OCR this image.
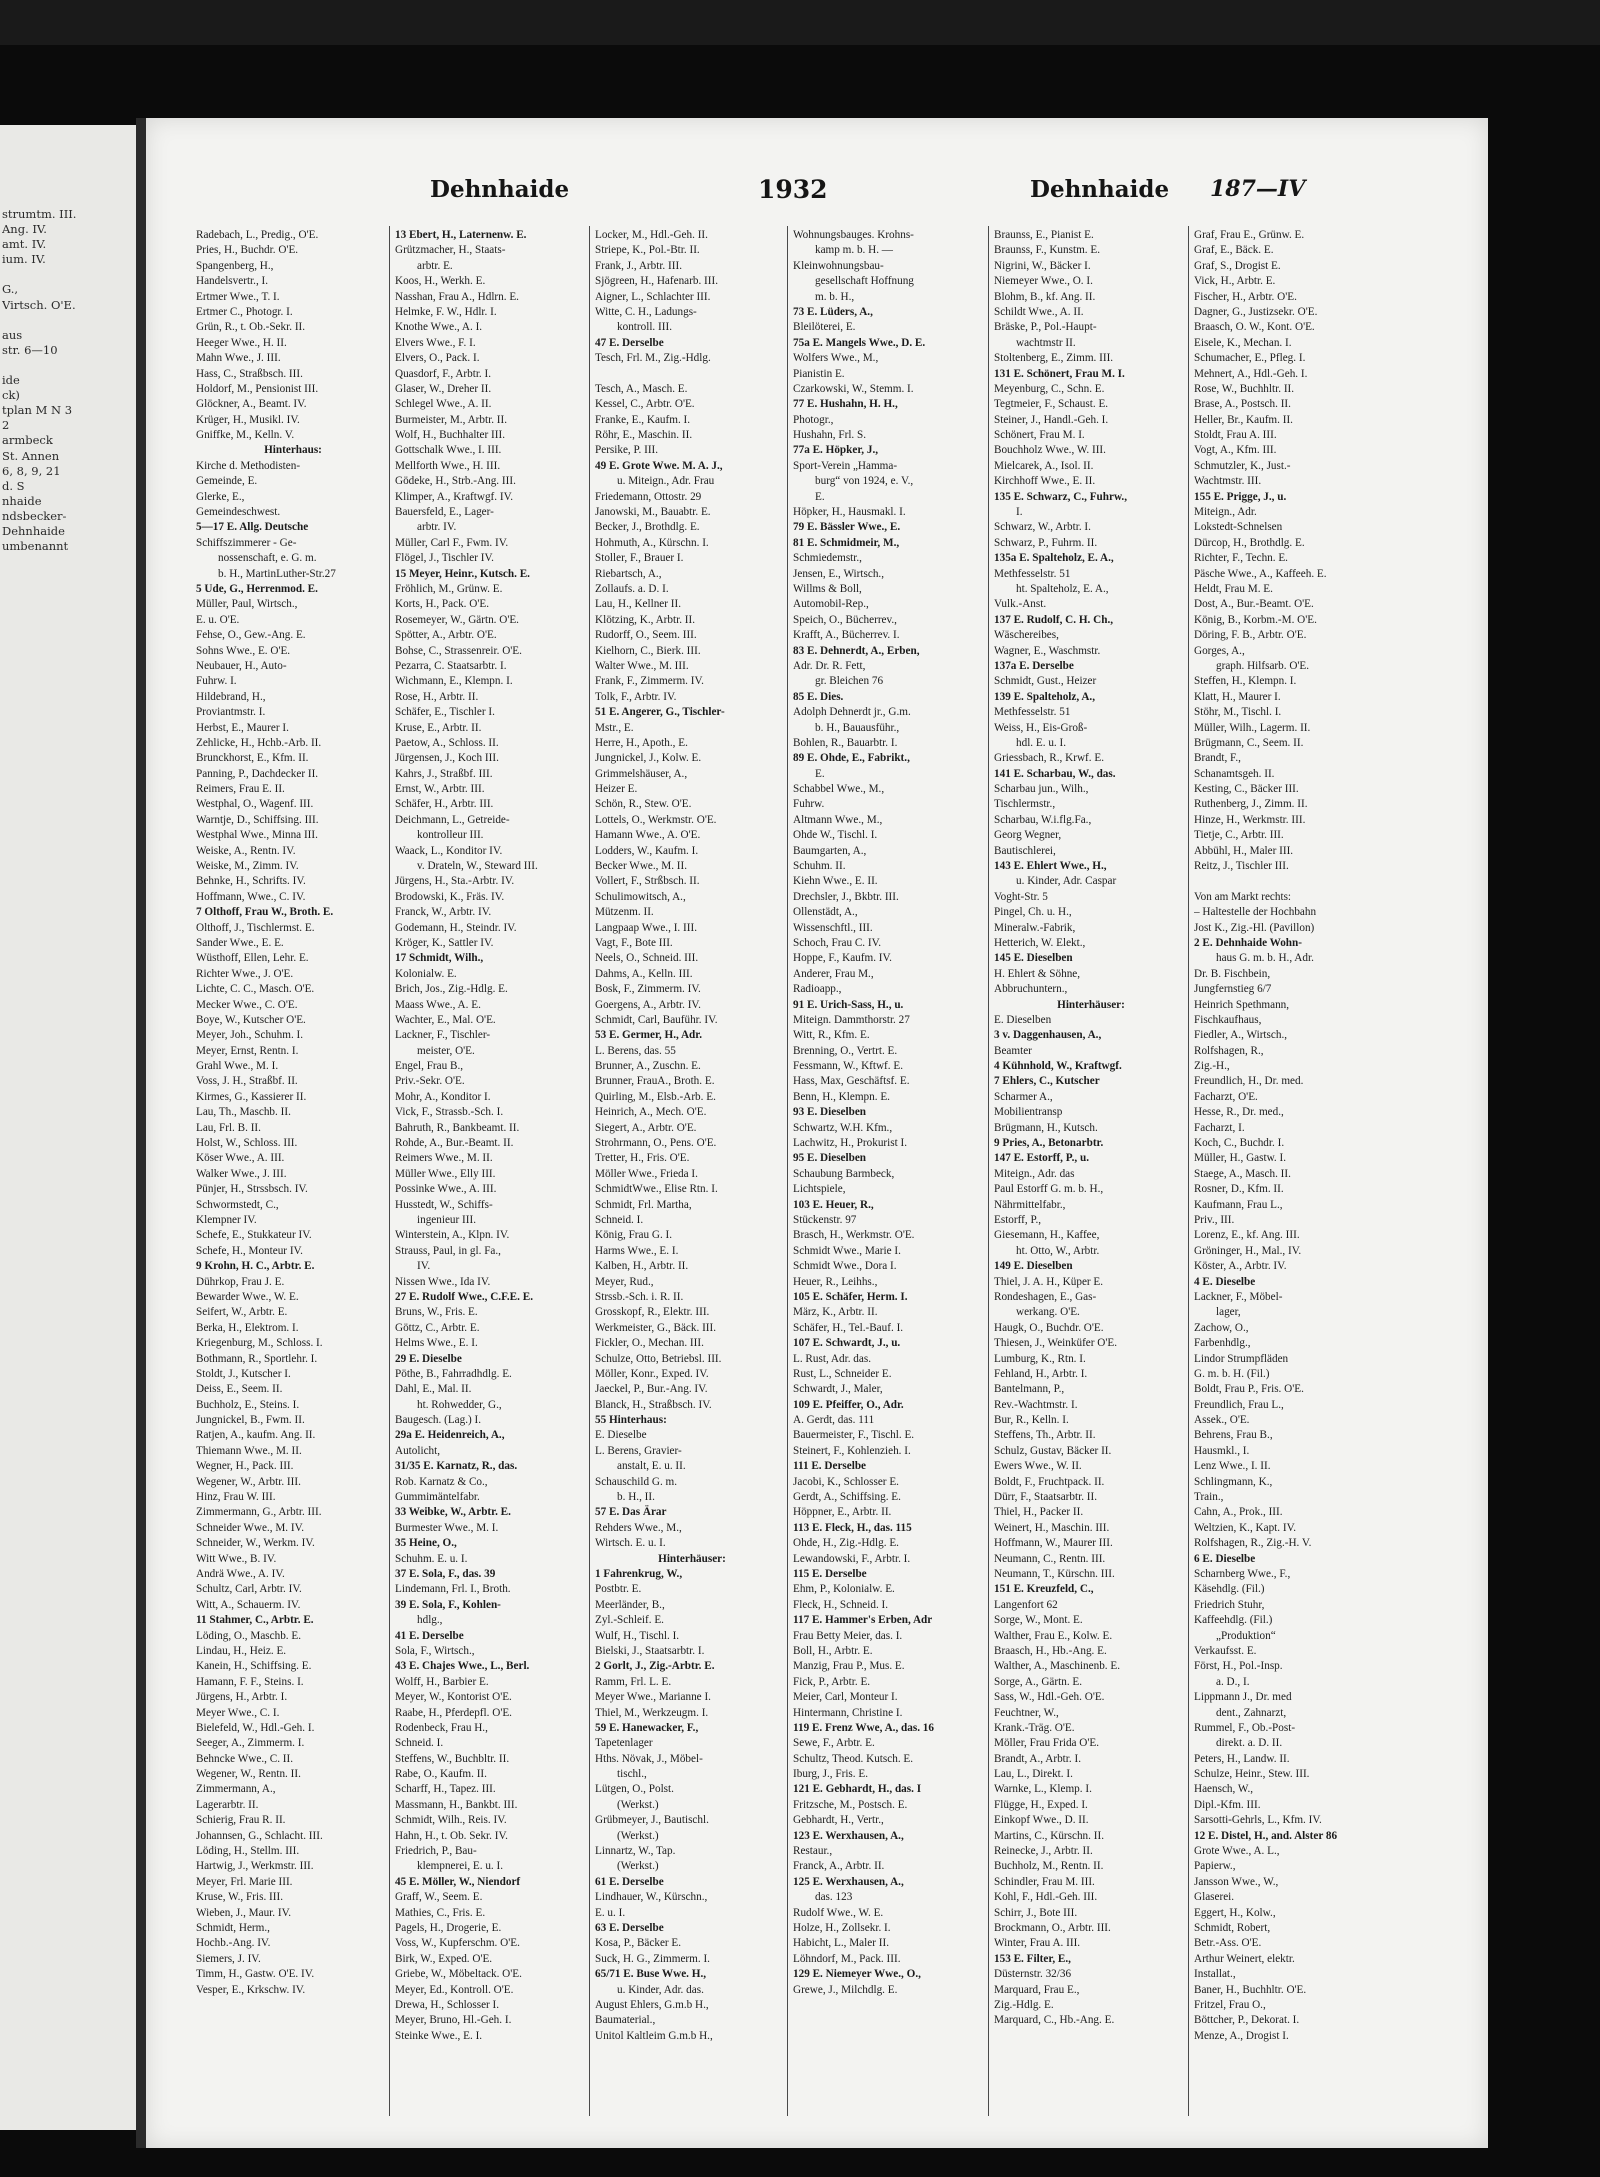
strumtm. III.
Ang. IV.
amt. IV.
ium. IV.
G.,
Virtsch. O'E.
aus
str. 6—10
ide
ck)
tplan M N 3
2
armbeck
St. Annen
6, 8, 9, 21
d. S
nhaide
ndsbecker-
Dehnhaide
umbenannt
Dehnhaide	1932	Dehnhaide 187—IV
Radebach, L., Predig., O'E.
Pries, H., Buchdr. O'E.
Spangenberg, H.,
Handelsvertr., I.
Ertmer Wwe., T. I.
Ertmer C., Photogr. I.
Grün, R., t. Ob.-Sekr. II.
Heeger Wwe., H. II.
Mahn Wwe., J. III.
Hass, C., Straßbsch. III.
Holdorf, M., Pensionist III.
Glöckner, A., Beamt. IV.
Krüger, H., Musikl. IV.
Gniffke, M., Kelln. V.
Hinterhaus:
Kirche d. Methodisten-
Gemeinde, E.
Glerke, E.,
Gemeindeschwest.
5—17 E. Allg. Deutsche
Schiffszimmerer - Ge-
nossenschaft, e. G. m.
b. H., MartinLuther-Str.27
5 Ude, G., Herrenmod. E.
Müller, Paul, Wirtsch.,
E. u. O'E.
Fehse, O., Gew.-Ang. E.
Sohns Wwe., E. O'E.
Neubauer, H., Auto-
Fuhrw. I.
Hildebrand, H.,
Proviantmstr. I.
Herbst, E., Maurer I.
Zehlicke, H., Hchb.-Arb. II.
Brunckhorst, E., Kfm. II.
Panning, P., Dachdecker II.
Reimers, Frau E. II.
Westphal, O., Wagenf. III.
Warntje, D., Schiffsing. III.
Westphal Wwe., Minna III.
Weiske, A., Rentn. IV.
Weiske, M., Zimm. IV.
Behnke, H., Schrifts. IV.
Hoffmann, Wwe., C. IV.
7 Olthoff, Frau W., Broth. E.
Olthoff, J., Tischlermst. E.
Sander Wwe., E. E.
Wüsthoff, Ellen, Lehr. E.
Richter Wwe., J. O'E.
Lichte, C. C., Masch. O'E.
Mecker Wwe., C. O'E.
Boye, W., Kutscher O'E.
Meyer, Joh., Schuhm. I.
Meyer, Ernst, Rentn. I.
Grahl Wwe., M. I.
Voss, J. H., Straßbf. II.
Kirmes, G., Kassierer II.
Lau, Th., Maschb. II.
Lau, Frl. B. II.
Holst, W., Schloss. III.
Köser Wwe., A. III.
Walker Wwe., J. III.
Pünjer, H., Strssbsch. IV.
Schwormstedt, C.,
Klempner IV.
Schefe, E., Stukkateur IV.
Schefe, H., Monteur IV.
9 Krohn, H. C., Arbtr. E.
Dührkop, Frau J. E.
Bewarder Wwe., W. E.
Seifert, W., Arbtr. E.
Berka, H., Elektrom. I.
Kriegenburg, M., Schloss. I.
Bothmann, R., Sportlehr. I.
Stoldt, J., Kutscher I.
Deiss, E., Seem. II.
Buchholz, E., Steins. I.
Jungnickel, B., Fwm. II.
Ratjen, A., kaufm. Ang. II.
Thiemann Wwe., M. II.
Wegner, H., Pack. III.
Wegener, W., Arbtr. III.
Hinz, Frau W. III.
Zimmermann, G., Arbtr. III.
Schneider Wwe., M. IV.
Schneider, W., Werkm. IV.
Witt Wwe., B. IV.
Andrä Wwe., A. IV.
Schultz, Carl, Arbtr. IV.
Witt, A., Schauerm. IV.
11 Stahmer, C., Arbtr. E.
Löding, O., Maschb. E.
Lindau, H., Heiz. E.
Kanein, H., Schiffsing. E.
Hamann, F. F., Steins. I.
Jürgens, H., Arbtr. I.
Meyer Wwe., C. I.
Bielefeld, W., Hdl.-Geh. I.
Seeger, A., Zimmerm. I.
Behncke Wwe., C. II.
Wegener, W., Rentn. II.
Zimmermann, A.,
Lagerarbtr. II.
Schierig, Frau R. II.
Johannsen, G., Schlacht. III.
Löding, H., Stellm. III.
Hartwig, J., Werkmstr. III.
Meyer, Frl. Marie III.
Kruse, W., Fris. III.
Wieben, J., Maur. IV.
Schmidt, Herm.,
Hochb.-Ang. IV.
Siemers, J. IV.
Timm, H., Gastw. O'E. IV.
Vesper, E., Krkschw. IV.
13 Ebert, H., Laternenw. E.
Grützmacher, H., Staats-
arbtr. E.
Koos, H., Werkh. E.
Nasshan, Frau A., Hdlrn. E.
Helmke, F. W., Hdlr. I.
Knothe Wwe., A. I.
Elvers Wwe., F. I.
Elvers, O., Pack. I.
Quasdorf, F., Arbtr. I.
Glaser, W., Dreher II.
Schlegel Wwe., A. II.
Burmeister, M., Arbtr. II.
Wolf, H., Buchhalter III.
Gottschalk Wwe., I. III.
Mellforth Wwe., H. III.
Gödeke, H., Strb.-Ang. III.
Klimper, A., Kraftwgf. IV.
Bauersfeld, E., Lager-
arbtr. IV.
Müller, Carl F., Fwm. IV.
Flögel, J., Tischler IV.
15 Meyer, Heinr., Kutsch. E.
Fröhlich, M., Grünw. E.
Korts, H., Pack. O'E.
Rosemeyer, W., Gärtn. O'E.
Spötter, A., Arbtr. O'E.
Bohse, C., Strassenreir. O'E.
Pezarra, C. Staatsarbtr. I.
Wichmann, E., Klempn. I.
Rose, H., Arbtr. II.
Schäfer, E., Tischler I.
Kruse, E., Arbtr. II.
Paetow, A., Schloss. II.
Jürgensen, J., Koch III.
Kahrs, J., Straßbf. III.
Ernst, W., Arbtr. III.
Schäfer, H., Arbtr. III.
Deichmann, L., Getreide-
kontrolleur III.
Waack, L., Konditor IV.
v. Drateln, W., Steward III.
Jürgens, H., Sta.-Arbtr. IV.
Brodowski, K., Fräs. IV.
Franck, W., Arbtr. IV.
Godemann, H., Steindr. IV.
Kröger, K., Sattler IV.
17 Schmidt, Wilh.,
Kolonialw. E.
Brich, Jos., Zig.-Hdlg. E.
Maass Wwe., A. E.
Wachter, E., Mal. O'E.
Lackner, F., Tischler-
meister, O'E.
Engel, Frau B.,
Priv.-Sekr. O'E.
Mohr, A., Konditor I.
Vick, F., Strassb.-Sch. I.
Bahruth, R., Bankbeamt. II.
Rohde, A., Bur.-Beamt. II.
Reimers Wwe., M. II.
Müller Wwe., Elly III.
Possinke Wwe., A. III.
Husstedt, W., Schiffs-
ingenieur III.
Winterstein, A., Klpn. IV.
Strauss, Paul, in gl. Fa.,
IV.
Nissen Wwe., Ida IV.
27 E. Rudolf Wwe., C.F.E. E.
Bruns, W., Fris. E.
Göttz, C., Arbtr. E.
Helms Wwe., E. I.
29 E. Dieselbe
Pöthe, B., Fahrradhdlg. E.
Dahl, E., Mal. II.
ht. Rohwedder, G.,
Baugesch. (Lag.) I.
29a E. Heidenreich, A.,
Autolicht,
31/35 E. Karnatz, R., das.
Rob. Karnatz & Co.,
Gummimäntelfabr.
33 Weibke, W., Arbtr. E.
Burmester Wwe., M. I.
35 Heine, O.,
Schuhm. E. u. I.
37 E. Sola, F., das. 39
Lindemann, Frl. I., Broth.
39 E. Sola, F., Kohlen-
hdlg.,
41 E. Derselbe
Sola, F., Wirtsch.,
43 E. Chajes Wwe., L., Berl.
Wolff, H., Barbier E.
Meyer, W., Kontorist O'E.
Raabe, H., Pferdepfl. O'E.
Rodenbeck, Frau H.,
Schneid. I.
Steffens, W., Buchbltr. II.
Rabe, O., Kaufm. II.
Scharff, H., Tapez. III.
Massmann, H., Bankbt. III.
Schmidt, Wilh., Reis. IV.
Hahn, H., t. Ob. Sekr. IV.
Friedrich, P., Bau-
klempnerei, E. u. I.
45 E. Möller, W., Niendorf
Graff, W., Seem. E.
Mathies, C., Fris. E.
Pagels, H., Drogerie, E.
Voss, W., Kupferschm. O'E.
Birk, W., Exped. O'E.
Griebe, W., Möbeltack. O'E.
Meyer, Ed., Kontroll. O'E.
Drewa, H., Schlosser I.
Meyer, Bruno, Hl.-Geh. I.
Steinke Wwe., E. I.
Locker, M., Hdl.-Geh. II.
Striepe, K., Pol.-Btr. II.
Frank, J., Arbtr. III.
Sjögreen, H., Hafenarb. III.
Aigner, L., Schlachter III.
Witte, C. H., Ladungs-
kontroll. III.
47 E. Derselbe
Tesch, Frl. M., Zig.-Hdlg.
Tesch, A., Masch. E.
Kessel, C., Arbtr. O'E.
Franke, E., Kaufm. I.
Röhr, E., Maschin. II.
Persike, P. III.
49 E. Grote Wwe. M. A. J.,
u. Miteign., Adr. Frau
Friedemann, Ottostr. 29
Janowski, M., Bauabtr. E.
Becker, J., Brothdlg. E.
Hohmuth, A., Kürschn. I.
Stoller, F., Brauer I.
Riebartsch, A.,
Zollaufs. a. D. I.
Lau, H., Kellner II.
Klötzing, K., Arbtr. II.
Rudorff, O., Seem. III.
Kielhorn, C., Bierk. III.
Walter Wwe., M. III.
Frank, F., Zimmerm. IV.
Tolk, F., Arbtr. IV.
51 E. Angerer, G., Tischler-
Mstr., E.
Herre, H., Apoth., E.
Jungnickel, J., Kolw. E.
Grimmelshäuser, A.,
Heizer E.
Schön, R., Stew. O'E.
Lottels, O., Werkmstr. O'E.
Hamann Wwe., A. O'E.
Lodders, W., Kaufm. I.
Becker Wwe., M. II.
Vollert, F., Strßbsch. II.
Schulimowitsch, A.,
Mützenm. II.
Langpaap Wwe., I. III.
Vagt, F., Bote III.
Neels, O., Schneid. III.
Dahms, A., Kelln. III.
Bosk, F., Zimmerm. IV.
Goergens, A., Arbtr. IV.
Schmidt, Carl, Bauführ. IV.
53 E. Germer, H., Adr.
L. Berens, das. 55
Brunner, A., Zuschn. E.
Brunner, FrauA., Broth. E.
Quirling, M., Elsb.-Arb. E.
Heinrich, A., Mech. O'E.
Siegert, A., Arbtr. O'E.
Strohrmann, O., Pens. O'E.
Tretter, H., Fris. O'E.
Möller Wwe., Frieda I.
SchmidtWwe., Elise Rtn. I.
Schmidt, Frl. Martha,
Schneid. I.
König, Frau G. I.
Harms Wwe., E. I.
Kalben, H., Arbtr. II.
Meyer, Rud.,
Strssb.-Sch. i. R. II.
Grosskopf, R., Elektr. III.
Werkmeister, G., Bäck. III.
Fickler, O., Mechan. III.
Schulze, Otto, Betriebsl. III.
Möller, Konr., Exped. IV.
Jaeckel, P., Bur.-Ang. IV.
Blanck, H., Straßbsch. IV.
55 Hinterhaus:
E. Dieselbe
L. Berens, Gravier-
anstalt, E. u. II.
Schauschild G. m.
b. H., II.
57 E. Das Ärar
Rehders Wwe., M.,
Wirtsch. E. u. I.
Hinterhäuser:
1 Fahrenkrug, W.,
Postbtr. E.
Meerländer, B.,
Zyl.-Schleif. E.
Wulf, H., Tischl. I.
Bielski, J., Staatsarbtr. I.
2 Gorlt, J., Zig.-Arbtr. E.
Ramm, Frl. L. E.
Meyer Wwe., Marianne I.
Thiel, M., Werkzeugm. I.
59 E. Hanewacker, F.,
Tapetenlager
Hths. Növak, J., Möbel-
tischl.,
Lütgen, O., Polst.
(Werkst.)
Grübmeyer, J., Bautischl.
(Werkst.)
Linnartz, W., Tap.
(Werkst.)
61 E. Derselbe
Lindhauer, W., Kürschn.,
E. u. I.
63 E. Derselbe
Kosa, P., Bäcker E.
Suck, H. G., Zimmerm. I.
65/71 E. Buse Wwe. H.,
u. Kinder, Adr. das.
August Ehlers, G.m.b H.,
Baumaterial.,
Unitol Kaltleim G.m.b H.,
Wohnungsbauges. Krohns-
kamp m. b. H. —
Kleinwohnungsbau-
gesellschaft Hoffnung
m. b. H.,
73 E. Lüders, A.,
Bleilöterei, E.
75a E. Mangels Wwe., D. E.
Wolfers Wwe., M.,
Pianistin E.
Czarkowski, W., Stemm. I.
77 E. Hushahn, H. H.,
Photogr.,
Hushahn, Frl. S.
77a E. Höpker, J.,
Sport-Verein „Hamma-
burg“ von 1924, e. V.,
E.
Höpker, H., Hausmakl. I.
79 E. Bässler Wwe., E.
81 E. Schmidmeir, M.,
Schmiedemstr.,
Jensen, E., Wirtsch.,
Willms & Boll,
Automobil-Rep.,
Speich, O., Bücherrev.,
Krafft, A., Bücherrev. I.
83 E. Dehnerdt, A., Erben,
Adr. Dr. R. Fett,
gr. Bleichen 76
85 E. Dies.
Adolph Dehnerdt jr., G.m.
b. H., Bauausführ.,
Bohlen, R., Bauarbtr. I.
89 E. Ohde, E., Fabrikt.,
E.
Schabbel Wwe., M.,
Fuhrw.
Altmann Wwe., M.,
Ohde W., Tischl. I.
Baumgarten, A.,
Schuhm. II.
Kiehn Wwe., E. II.
Drechsler, J., Bkbtr. III.
Ollenstädt, A.,
Wissenschftl., III.
Schoch, Frau C. IV.
Hoppe, F., Kaufm. IV.
Anderer, Frau M.,
Radioapp.,
91 E. Urich-Sass, H., u.
Miteign. Dammthorstr. 27
Witt, R., Kfm. E.
Brenning, O., Vertrt. E.
Fessmann, W., Kftwf. E.
Hass, Max, Geschäftsf. E.
Benn, H., Klempn. E.
93 E. Dieselben
Schwartz, W.H. Kfm.,
Lachwitz, H., Prokurist I.
95 E. Dieselben
Schaubung Barmbeck,
Lichtspiele,
103 E. Heuer, R.,
Stückenstr. 97
Brasch, H., Werkmstr. O'E.
Schmidt Wwe., Marie I.
Schmidt Wwe., Dora I.
Heuer, R., Leihhs.,
105 E. Schäfer, Herm. I.
März, K., Arbtr. II.
Schäfer, H., Tel.-Bauf. I.
107 E. Schwardt, J., u.
L. Rust, Adr. das.
Rust, L., Schneider E.
Schwardt, J., Maler,
109 E. Pfeiffer, O., Adr.
A. Gerdt, das. 111
Bauermeister, F., Tischl. E.
Steinert, F., Kohlenzieh. I.
111 E. Derselbe
Jacobi, K., Schlosser E.
Gerdt, A., Schiffsing. E.
Höppner, E., Arbtr. II.
113 E. Fleck, H., das. 115
Ohde, H., Zig.-Hdlg. E.
Lewandowski, F., Arbtr. I.
115 E. Derselbe
Ehm, P., Kolonialw. E.
Fleck, H., Schneid. I.
117 E. Hammer's Erben, Adr
Frau Betty Meier, das. I.
Boll, H., Arbtr. E.
Manzig, Frau P., Mus. E.
Fick, P., Arbtr. E.
Meier, Carl, Monteur I.
Hintermann, Christine I.
119 E. Frenz Wwe, A., das. 16
Sewe, F., Arbtr. E.
Schultz, Theod. Kutsch. E.
Iburg, J., Fris. E.
121 E. Gebhardt, H., das. I
Fritzsche, M., Postsch. E.
Gebhardt, H., Vertr.,
123 E. Werxhausen, A.,
Restaur.,
Franck, A., Arbtr. II.
125 E. Werxhausen, A.,
das. 123
Rudolf Wwe., W. E.
Holze, H., Zollsekr. I.
Habicht, L., Maler II.
Löhndorf, M., Pack. III.
129 E. Niemeyer Wwe., O.,
Grewe, J., Milchdlg. E.
Braunss, E., Pianist E.
Braunss, F., Kunstm. E.
Nigrini, W., Bäcker I.
Niemeyer Wwe., O. I.
Blohm, B., kf. Ang. II.
Schildt Wwe., A. II.
Bräske, P., Pol.-Haupt-
wachtmstr II.
Stoltenberg, E., Zimm. III.
131 E. Schönert, Frau M. I.
Meyenburg, C., Schn. E.
Tegtmeier, F., Schaust. E.
Steiner, J., Handl.-Geh. I.
Schönert, Frau M. I.
Bouchholz Wwe., W. III.
Mielcarek, A., Isol. II.
Kirchhoff Wwe., E. II.
135 E. Schwarz, C., Fuhrw.,
I.
Schwarz, W., Arbtr. I.
Schwarz, P., Fuhrm. II.
135a E. Spalteholz, E. A.,
Methfesselstr. 51
ht. Spalteholz, E. A.,
Vulk.-Anst.
137 E. Rudolf, C. H. Ch.,
Wäschereibes,
Wagner, E., Waschmstr.
137a E. Derselbe
Schmidt, Gust., Heizer
139 E. Spalteholz, A.,
Methfesselstr. 51
Weiss, H., Eis-Groß-
hdl. E. u. I.
Griessbach, R., Krwf. E.
141 E. Scharbau, W., das.
Scharbau jun., Wilh.,
Tischlermstr.,
Scharbau, W.i.flg.Fa.,
Georg Wegner,
Bautischlerei,
143 E. Ehlert Wwe., H.,
u. Kinder, Adr. Caspar
Voght-Str. 5
Pingel, Ch. u. H.,
Mineralw.-Fabrik,
Hetterich, W. Elekt.,
145 E. Dieselben
H. Ehlert & Söhne,
Abbruchuntern.,
Hinterhäuser:
E. Dieselben
3 v. Daggenhausen, A.,
Beamter
4 Kühnhold, W., Kraftwgf.
7 Ehlers, C., Kutscher
Scharmer A.,
Mobilientransp
Brügmann, H., Kutsch.
9 Pries, A., Betonarbtr.
147 E. Estorff, P., u.
Miteign., Adr. das
Paul Estorff G. m. b. H.,
Nährmittelfabr.,
Estorff, P.,
Giesemann, H., Kaffee,
ht. Otto, W., Arbtr.
149 E. Dieselben
Thiel, J. A. H., Küper E.
Rondeshagen, E., Gas-
werkang. O'E.
Haugk, O., Buchdr. O'E.
Thiesen, J., Weinküfer O'E.
Lumburg, K., Rtn. I.
Fehland, H., Arbtr. I.
Bantelmann, P.,
Rev.-Wachtmstr. I.
Bur, R., Kelln. I.
Steffens, Th., Arbtr. II.
Schulz, Gustav, Bäcker II.
Ewers Wwe., W. II.
Boldt, F., Fruchtpack. II.
Dürr, F., Staatsarbtr. II.
Thiel, H., Packer II.
Weinert, H., Maschin. III.
Hoffmann, W., Maurer III.
Neumann, C., Rentn. III.
Neumann, T., Kürschn. III.
151 E. Kreuzfeld, C.,
Langenfort 62
Sorge, W., Mont. E.
Walther, Frau E., Kolw. E.
Braasch, H., Hb.-Ang. E.
Walther, A., Maschinenb. E.
Sorge, A., Gärtn. E.
Sass, W., Hdl.-Geh. O'E.
Feuchtner, W.,
Krank.-Träg. O'E.
Möller, Frau Frida O'E.
Brandt, A., Arbtr. I.
Lau, L., Direkt. I.
Warnke, L., Klemp. I.
Flügge, H., Exped. I.
Einkopf Wwe., D. II.
Martins, C., Kürschn. II.
Reinecke, J., Arbtr. II.
Buchholz, M., Rentn. II.
Schindler, Frau M. III.
Kohl, F., Hdl.-Geh. III.
Schirr, J., Bote III.
Brockmann, O., Arbtr. III.
Winter, Frau A. III.
153 E. Filter, E.,
Düsternstr. 32/36
Marquard, Frau E.,
Zig.-Hdlg. E.
Marquard, C., Hb.-Ang. E.
Graf, Frau E., Grünw. E.
Graf, E., Bäck. E.
Graf, S., Drogist E.
Vick, H., Arbtr. E.
Fischer, H., Arbtr. O'E.
Dagner, G., Justizsekr. O'E.
Braasch, O. W., Kont. O'E.
Eisele, K., Mechan. I.
Schumacher, E., Pfleg. I.
Mehnert, A., Hdl.-Geh. I.
Rose, W., Buchhltr. II.
Brase, A., Postsch. II.
Heller, Br., Kaufm. II.
Stoldt, Frau A. III.
Vogt, A., Kfm. III.
Schmutzler, K., Just.-
Wachtmstr. III.
155 E. Prigge, J., u.
Miteign., Adr.
Lokstedt-Schnelsen
Dürcop, H., Brothdlg. E.
Richter, F., Techn. E.
Päsche Wwe., A., Kaffeeh. E.
Heldt, Frau M. E.
Dost, A., Bur.-Beamt. O'E.
König, B., Korbm.-M. O'E.
Döring, F. B., Arbtr. O'E.
Gorges, A.,
graph. Hilfsarb. O'E.
Steffen, H., Klempn. I.
Klatt, H., Maurer I.
Stöhr, M., Tischl. I.
Müller, Wilh., Lagerm. II.
Brügmann, C., Seem. II.
Brandt, F.,
Schanamtsgeh. II.
Kesting, C., Bäcker III.
Ruthenberg, J., Zimm. II.
Hinze, H., Werkmstr. III.
Tietje, C., Arbtr. III.
Abbühl, H., Maler III.
Reitz, J., Tischler III.
Von am Markt rechts:
– Haltestelle der Hochbahn
Jost K., Zig.-Hl. (Pavillon)
2 E. Dehnhaide Wohn-
haus G. m. b. H., Adr.
Dr. B. Fischbein,
Jungfernstieg 6/7
Heinrich Spethmann,
Fischkaufhaus,
Fiedler, A., Wirtsch.,
Rolfshagen, R.,
Zig.-H.,
Freundlich, H., Dr. med.
Facharzt, O'E.
Hesse, R., Dr. med.,
Facharzt, I.
Koch, C., Buchdr. I.
Müller, H., Gastw. I.
Staege, A., Masch. II.
Rosner, D., Kfm. II.
Kaufmann, Frau L.,
Priv., III.
Lorenz, E., kf. Ang. III.
Gröninger, H., Mal., IV.
Köster, A., Arbtr. IV.
4 E. Dieselbe
Lackner, F., Möbel-
lager,
Zachow, O.,
Farbenhdlg.,
Lindor Strumpfläden
G. m. b. H. (Fil.)
Boldt, Frau P., Fris. O'E.
Freundlich, Frau L.,
Assek., O'E.
Behrens, Frau B.,
Hausmkl., I.
Lenz Wwe., I. II.
Schlingmann, K.,
Train.,
Cahn, A., Prok., III.
Weltzien, K., Kapt. IV.
Rolfshagen, R., Zig.-H. V.
6 E. Dieselbe
Scharnberg Wwe., F.,
Käsehdlg. (Fil.)
Friedrich Stuhr,
Kaffeehdlg. (Fil.)
„Produktion“
Verkaufsst. E.
Först, H., Pol.-Insp.
a. D., I.
Lippmann J., Dr. med
dent., Zahnarzt,
Rummel, F., Ob.-Post-
direkt. a. D. II.
Peters, H., Landw. II.
Schulze, Heinr., Stew. III.
Haensch, W.,
Dipl.-Kfm. III.
Sarsotti-Gehrls, L., Kfm. IV.
12 E. Distel, H., and. Alster 86
Grote Wwe., A. L.,
Papierw.,
Jansson Wwe., W.,
Glaserei.
Eggert, H., Kolw.,
Schmidt, Robert,
Betr.-Ass. O'E.
Arthur Weinert, elektr.
Installat.,
Baner, H., Buchhltr. O'E.
Fritzel, Frau O.,
Böttcher, P., Dekorat. I.
Menze, A., Drogist I.
